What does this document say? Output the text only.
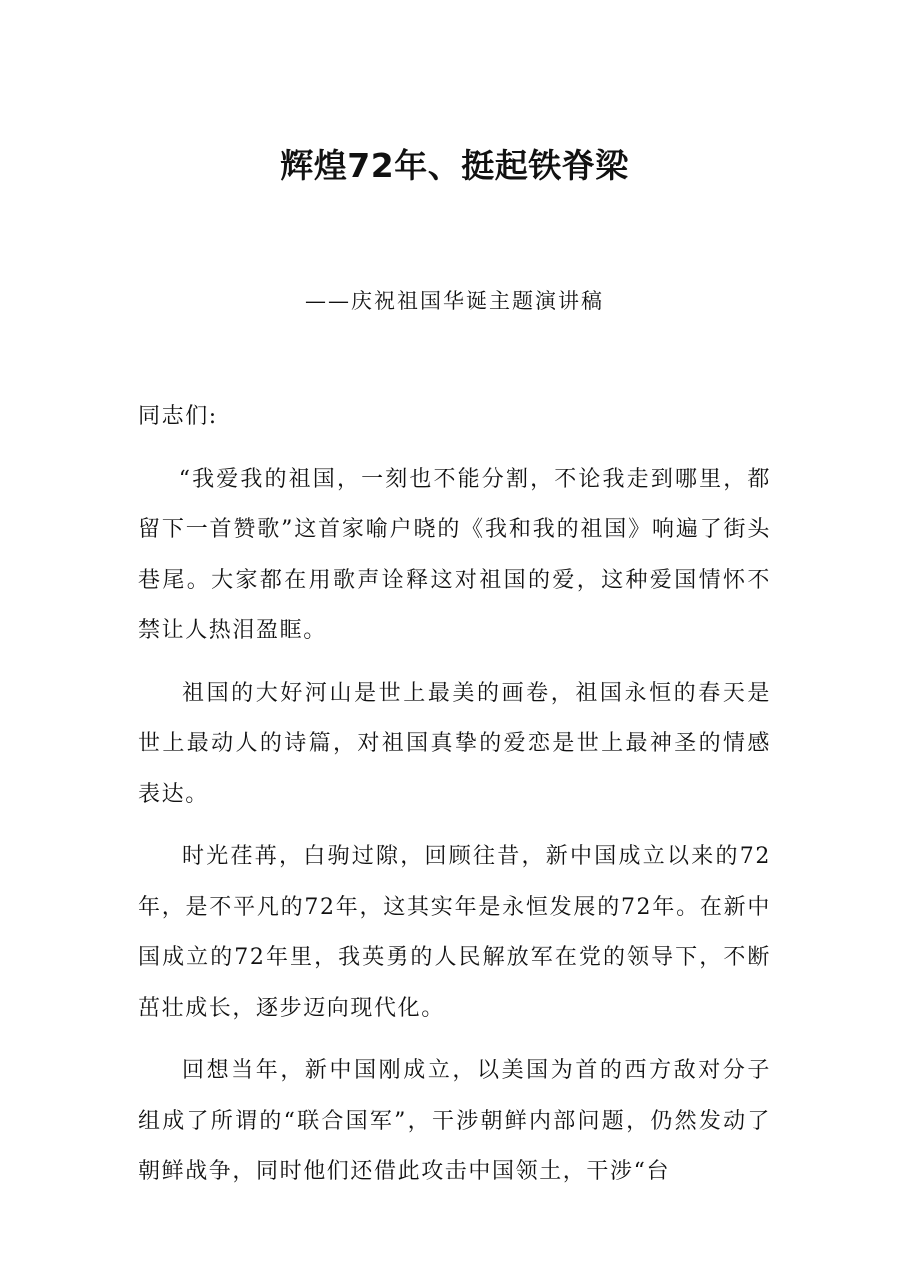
辉煌72年、挺起铁脊梁

——庆祝祖国华诞主题演讲稿

同志们:

“我爱我的祖国，一刻也不能分割，不论我走到哪里，都留下一首赞歌”这首家喻户晓的《我和我的祖国》响遍了街头巷尾。大家都在用歌声诠释这对祖国的爱，这种爱国情怀不禁让人热泪盈眶。

祖国的大好河山是世上最美的画卷，祖国永恒的春天是世上最动人的诗篇，对祖国真挚的爱恋是世上最神圣的情感表达。

时光荏苒，白驹过隙，回顾往昔，新中国成立以来的72年，是不平凡的72年，这其实年是永恒发展的72年。在新中国成立的72年里，我英勇的人民解放军在党的领导下，不断茁壮成长，逐步迈向现代化。

回想当年，新中国刚成立，以美国为首的西方敌对分子组成了所谓的“联合国军”，干涉朝鲜内部问题，仍然发动了朝鲜战争，同时他们还借此攻击中国领土，干涉“台
